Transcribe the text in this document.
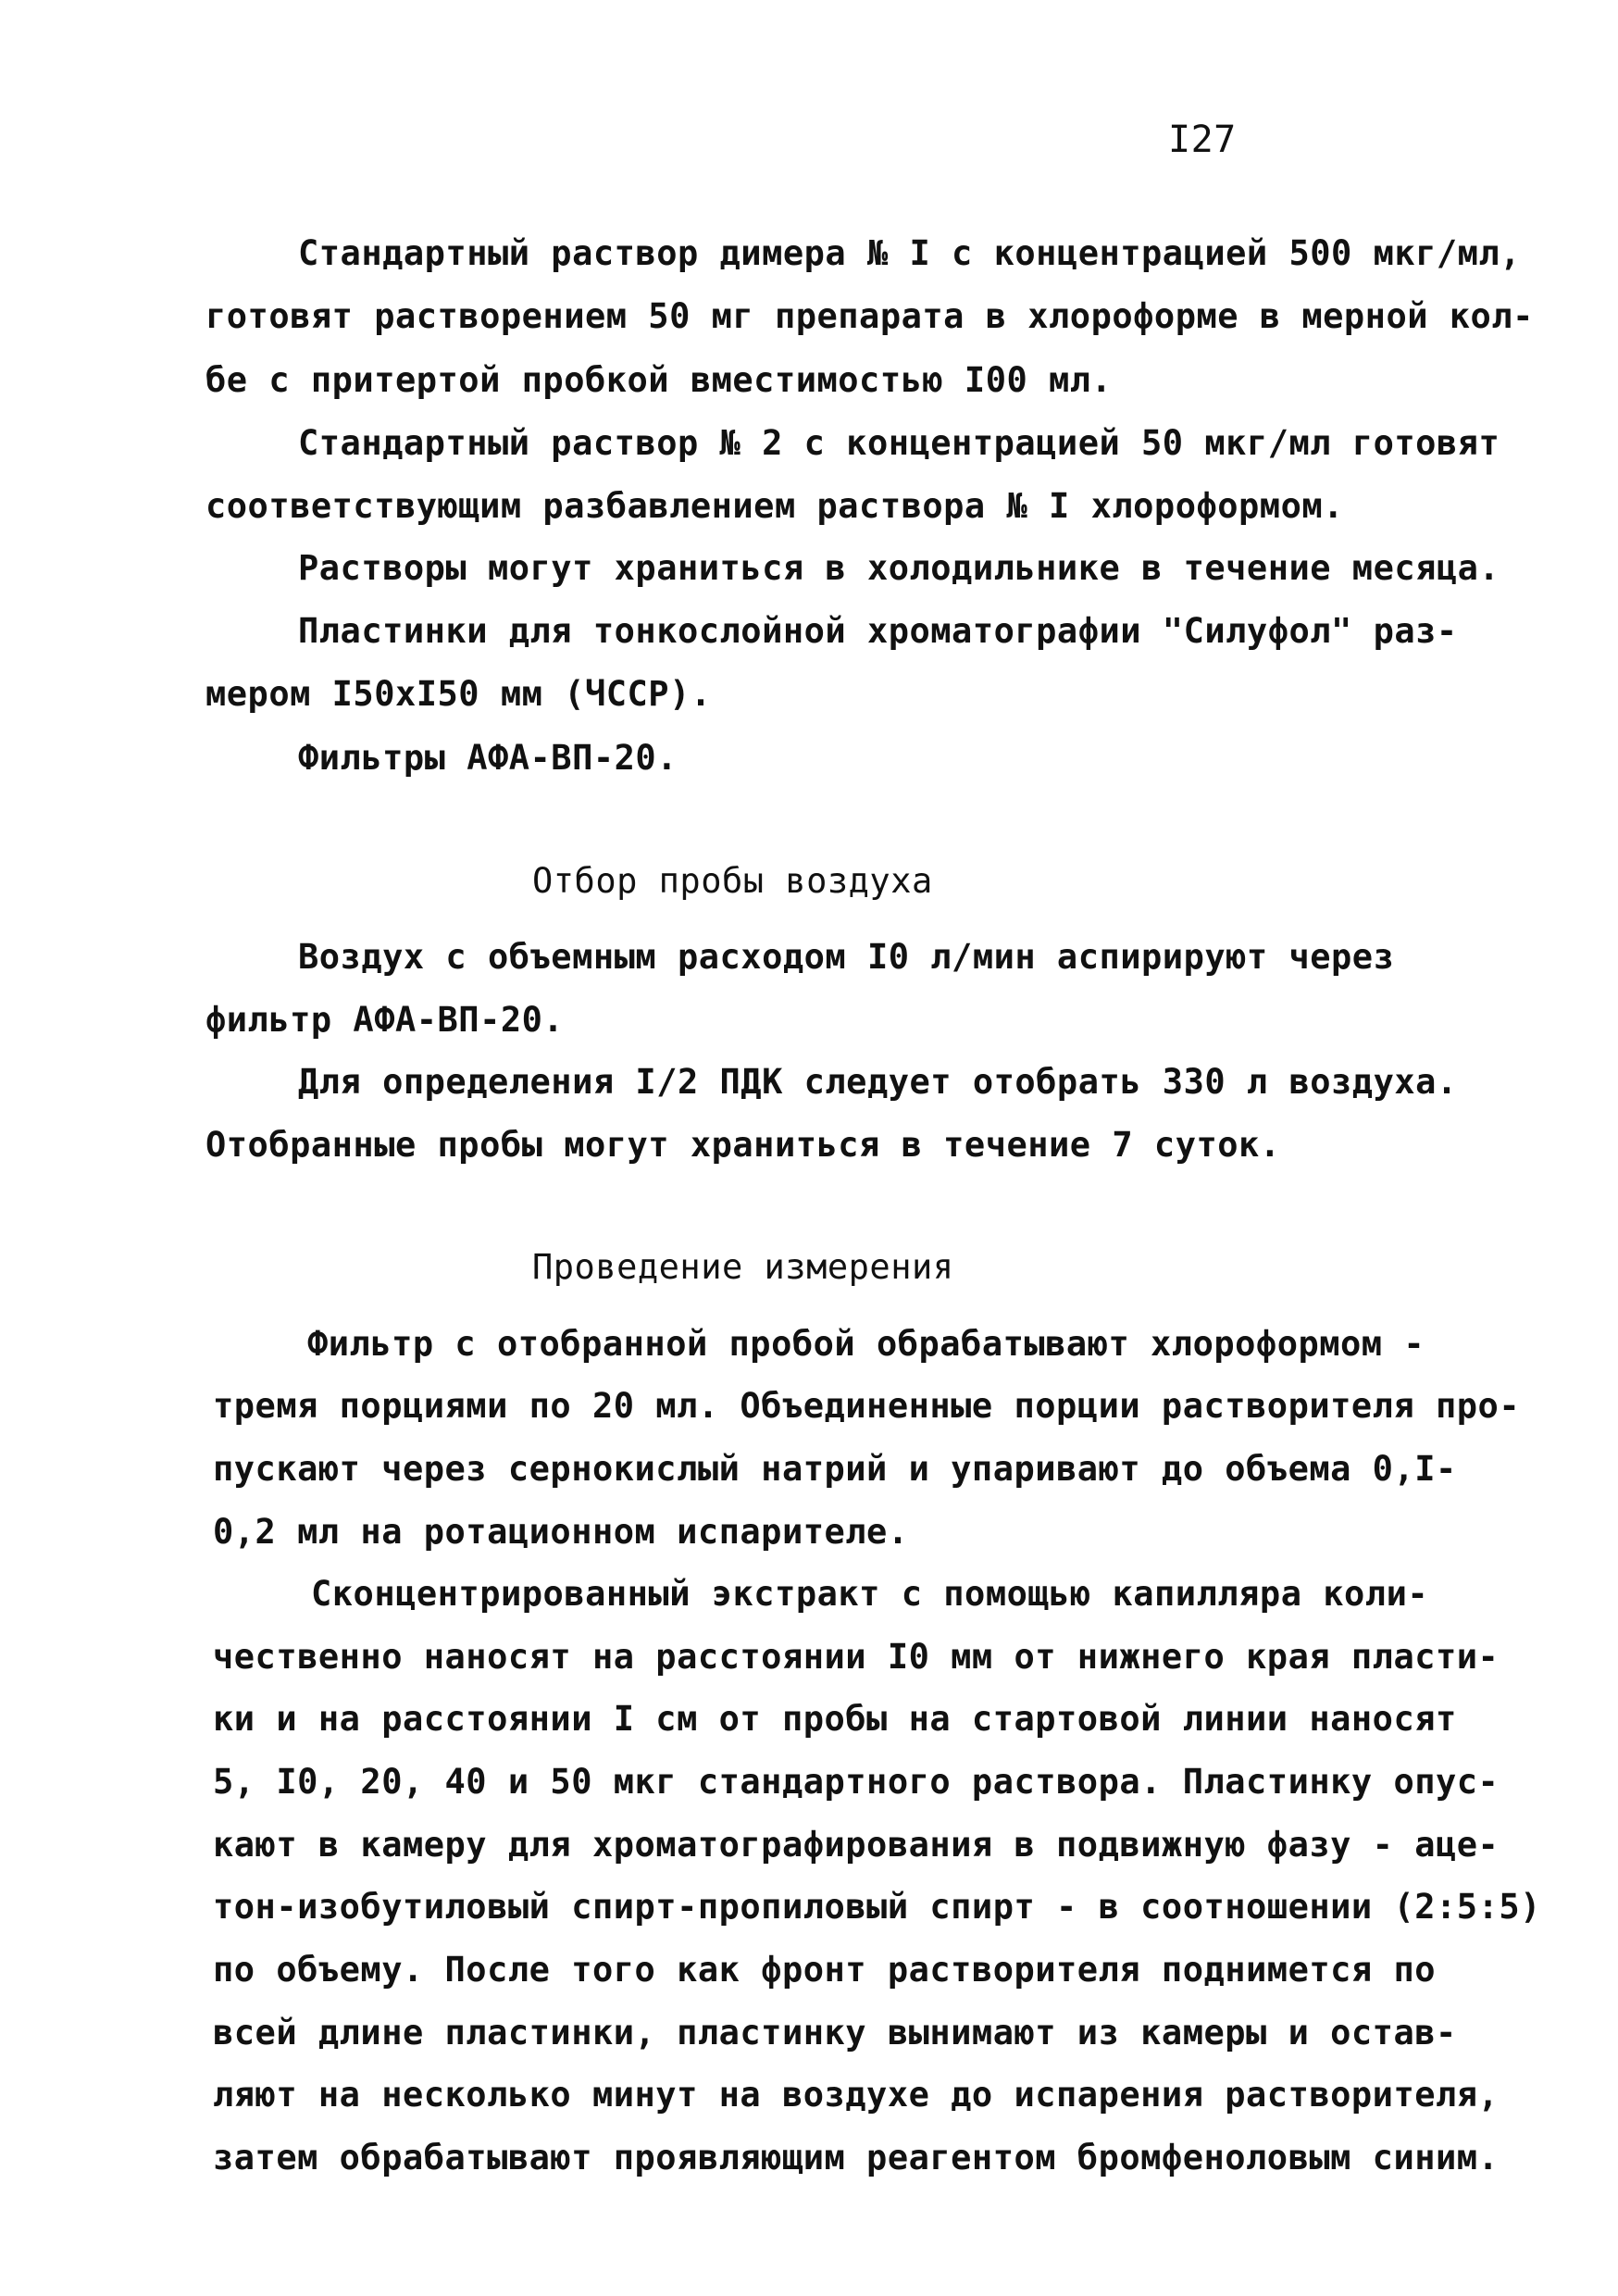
I27
Стандартный раствор димера № I с концентрацией 500 мкг/мл,
готовят растворением 50 мг препарата в хлороформе в мерной кол-
бе с притертой пробкой вместимостью I00 мл.
Стандартный раствор № 2 с концентрацией 50 мкг/мл готовят
соответствующим разбавлением раствора № I хлороформом.
Растворы могут храниться в холодильнике в течение месяца.
Пластинки для тонкослойной хроматографии "Силуфол" раз-
мером I50хI50 мм (ЧССР).
Фильтры АФА-ВП-20.
Отбор пробы воздуха
Воздух с объемным расходом I0 л/мин аспирируют через
фильтр АФА-ВП-20.
Для определения I/2 ПДК следует отобрать 330 л воздуха.
Отобранные пробы могут храниться в течение 7 суток.
Проведение измерения
Фильтр с отобранной пробой обрабатывают хлороформом -
тремя порциями по 20 мл. Объединенные порции растворителя про-
пускают через сернокислый натрий и упаривают до объема 0,I-
0,2 мл на ротационном испарителе.
Сконцентрированный экстракт с помощью капилляра коли-
чественно наносят на расстоянии I0 мм от нижнего края пласти-
ки и на расстоянии I см от пробы на стартовой линии наносят
5, I0, 20, 40 и 50 мкг стандартного раствора. Пластинку опус-
кают в камеру для хроматографирования в подвижную фазу - аце-
тон-изобутиловый спирт-пропиловый спирт - в соотношении (2:5:5)
по объему. После того как фронт растворителя поднимется по
всей длине пластинки, пластинку вынимают из камеры и остав-
ляют на несколько минут на воздухе до испарения растворителя,
затем обрабатывают проявляющим реагентом бромфеноловым синим.
